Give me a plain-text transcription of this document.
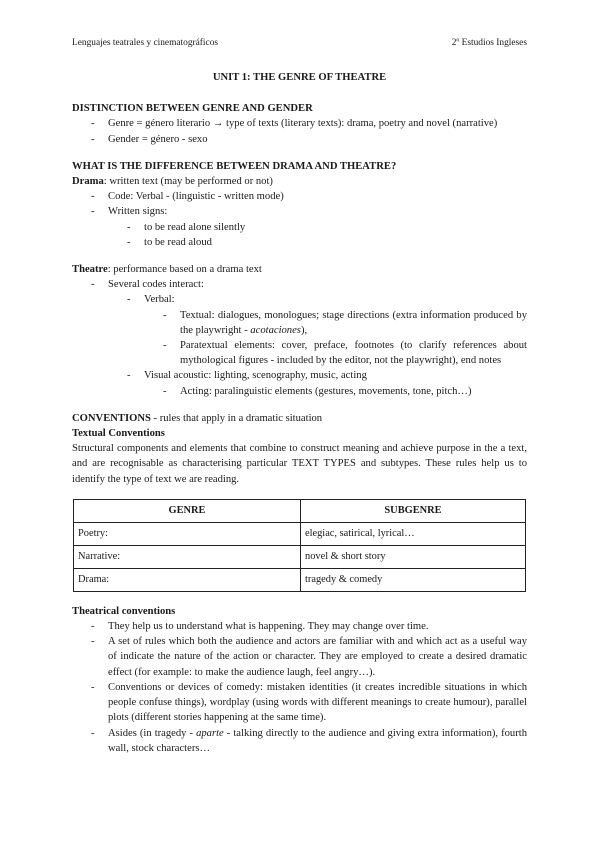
Lenguajes teatrales y cinematográficos	2º Estudios Ingleses
UNIT 1: THE GENRE OF THEATRE
DISTINCTION BETWEEN GENRE AND GENDER
- Genre = género literario → type of texts (literary texts): drama, poetry and novel (narrative)
- Gender = género - sexo
WHAT IS THE DIFFERENCE BETWEEN DRAMA AND THEATRE?

Drama: written text (may be performed or not)

- Code: Verbal - (linguistic - written mode)
- Written signs:
- to be read alone silently
- to be read aloud

Theatre: performance based on a drama text

- Several codes interact:
- Verbal:
- Textual: dialogues, monologues; stage directions (extra information produced by the playwright - acotaciones),
- Paratextual elements: cover, preface, footnotes (to clarify references about mythological figures - included by the editor, not the playwright), end notes
- Visual acoustic: lighting, scenography, music, acting
- Acting: paralinguistic elements (gestures, movements, tone, pitch…)

CONVENTIONS - rules that apply in a dramatic situation

Textual Conventions

Structural components and elements that combine to construct meaning and achieve purpose in the a text, and are recognisable as characterising particular TEXT TYPES and subtypes. These rules help us to identify the type of text we are reading.

GENRE	SUBGENRE
Poetry:	elegiac, satirical, lyrical…
Narrative:	novel & short story
Drama:	tragedy & comedy
Theatrical conventions
- They help us to understand what is happening. They may change over time.
- A set of rules which both the audience and actors are familiar with and which act as a useful way of indicate the nature of the action or character. They are employed to create a desired dramatic effect (for example: to make the audience laugh, feel angry…).
- Conventions or devices of comedy: mistaken identities (it creates incredible situations in which people confuse things), wordplay (using words with different meanings to create humour), parallel plots (different stories happening at the same time).
- Asides (in tragedy - aparte - talking directly to the audience and giving extra information), fourth wall, stock characters…
